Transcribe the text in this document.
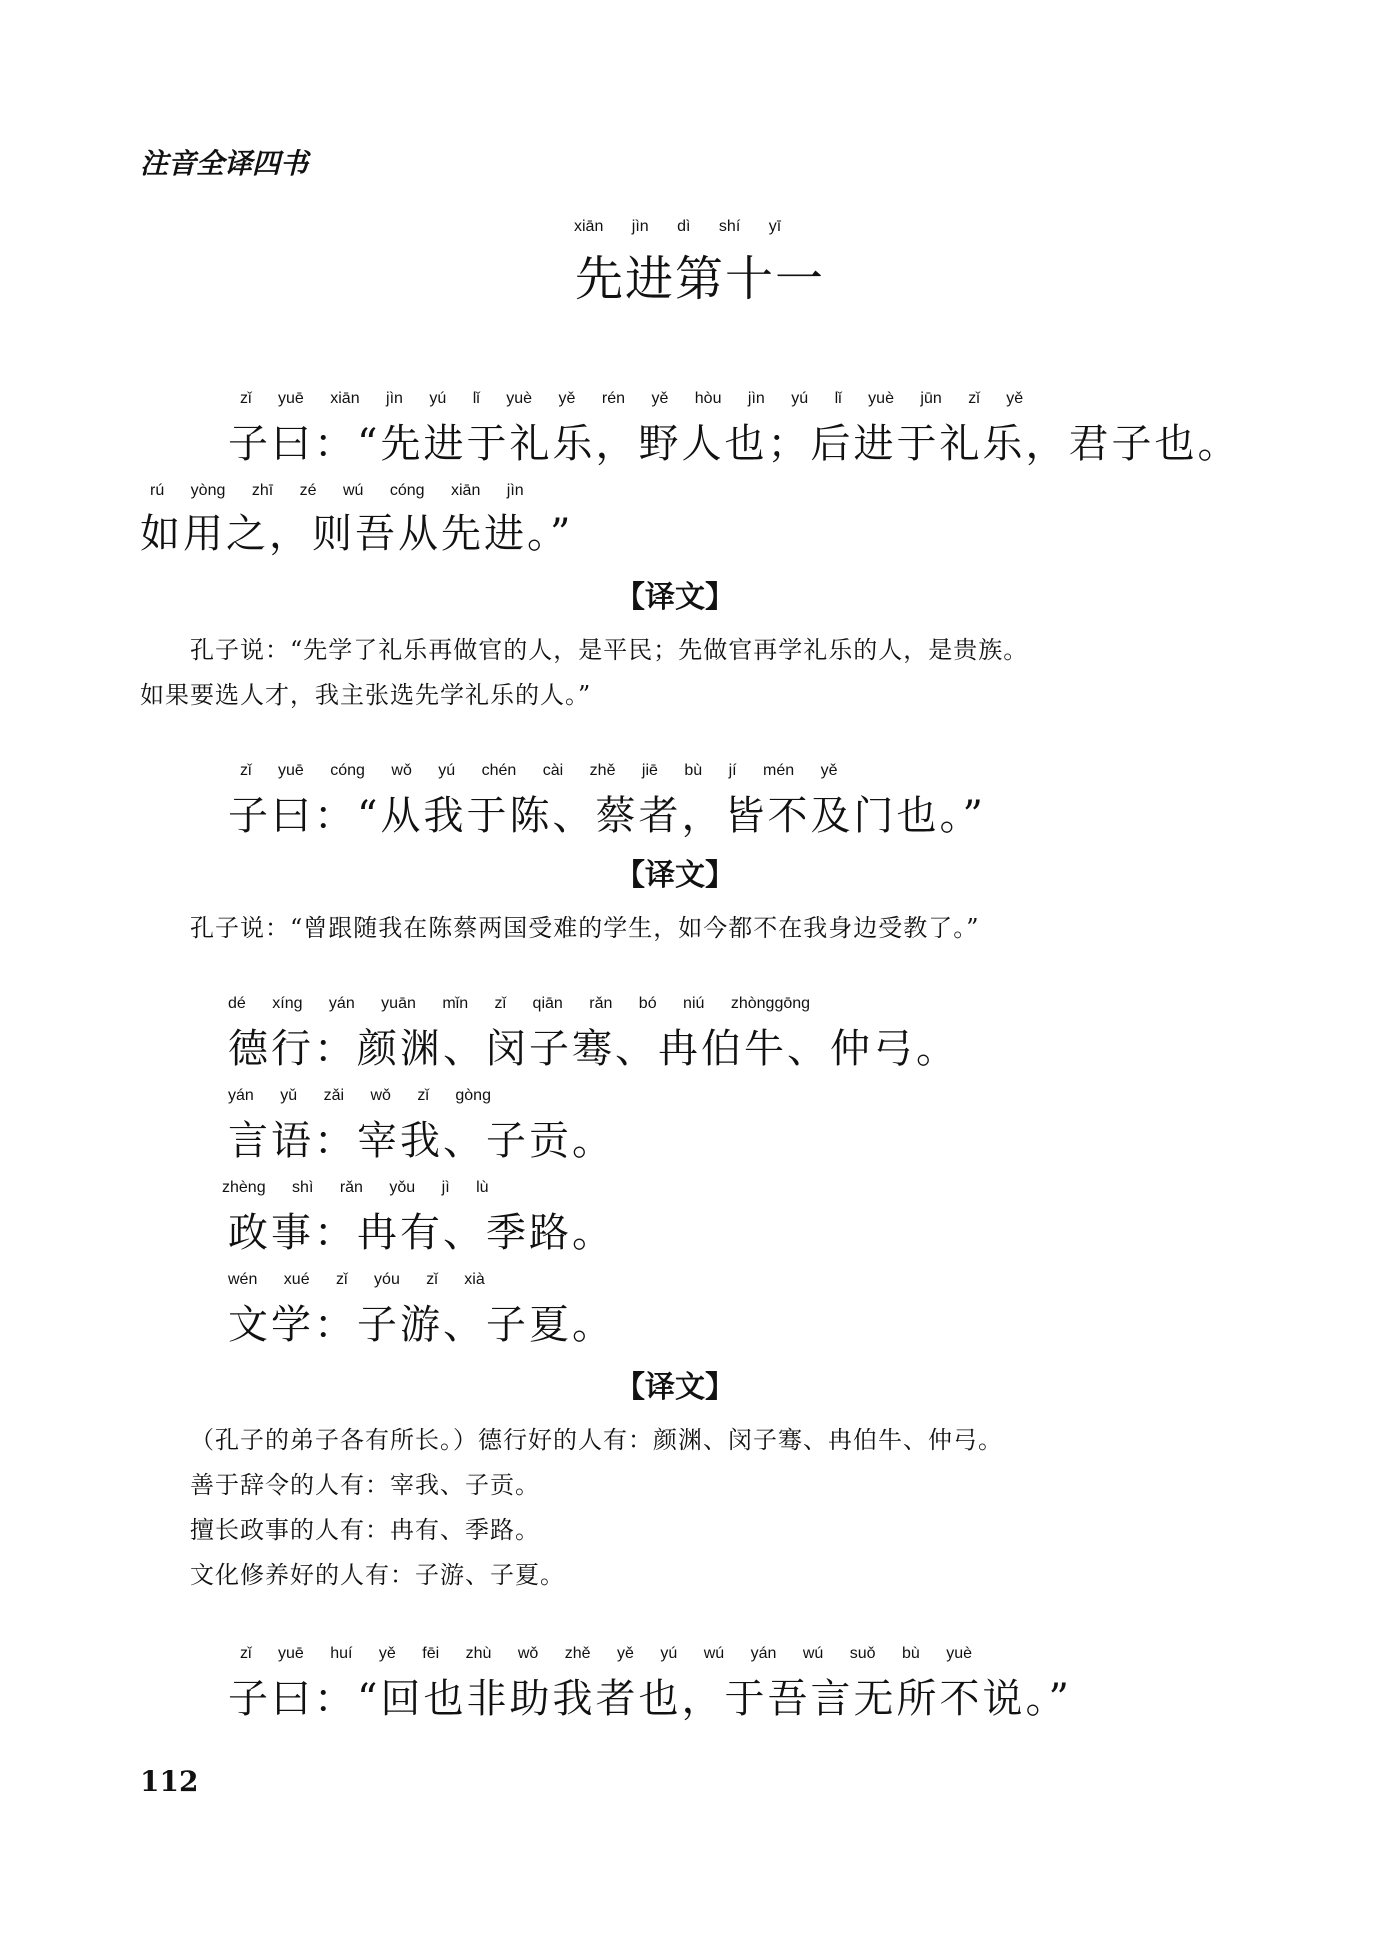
注音全译四书
xiān jìn dì shí yī
先进第十一
zǐ yuē xiān jìn yú lǐ yuè yě rén yě hòu jìn yú lǐ yuè jūn zǐ yě
子曰：“先进于礼乐，野人也；后进于礼乐，君子也。
rú yòng zhī zé wú cóng xiān jìn
如用之，则吾从先进。”
【译文】
孔子说：“先学了礼乐再做官的人，是平民；先做官再学礼乐的人，是贵族。
如果要选人才，我主张选先学礼乐的人。”
zǐ yuē cóng wǒ yú chén cài zhě jiē bù jí mén yě
子曰：“从我于陈、蔡者，皆不及门也。”
【译文】
孔子说：“曾跟随我在陈蔡两国受难的学生，如今都不在我身边受教了。”
dé xíng yán yuān mǐn zǐ qiān rǎn bó niú zhònggōng
德行：颜渊、闵子骞、冉伯牛、仲弓。
yán yǔ zǎi wǒ zǐ gòng
言语：宰我、子贡。
zhèng shì rǎn yǒu jì lù
政事：冉有、季路。
wén xué zǐ yóu zǐ xià
文学：子游、子夏。
【译文】
（孔子的弟子各有所长。）德行好的人有：颜渊、闵子骞、冉伯牛、仲弓。
善于辞令的人有：宰我、子贡。
擅长政事的人有：冉有、季路。
文化修养好的人有：子游、子夏。
zǐ yuē huí yě fēi zhù wǒ zhě yě yú wú yán wú suǒ bù yuè
子曰：“回也非助我者也，于吾言无所不说。”
112
